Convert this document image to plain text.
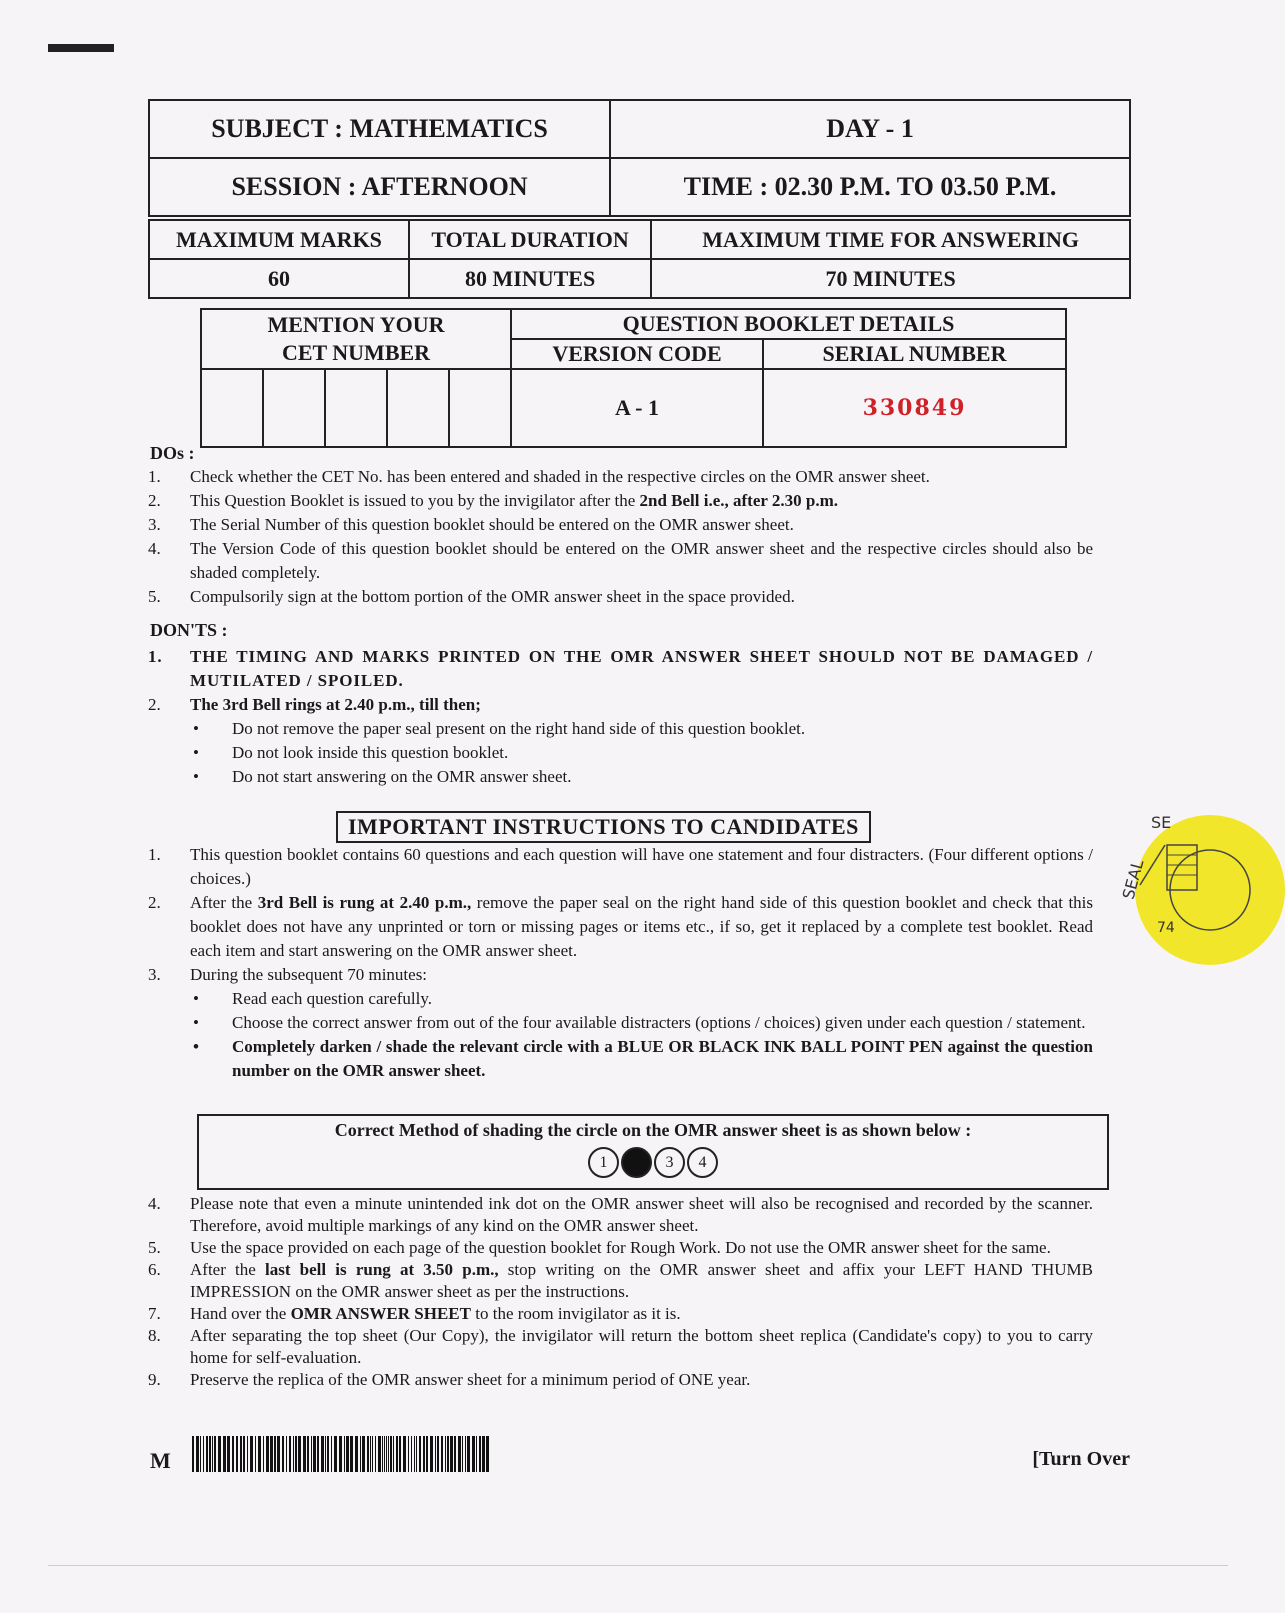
SUBJECT : MATHEMATICS	DAY - 1
SESSION : AFTERNOON	TIME : 02.30 P.M. TO 03.50 P.M.
MAXIMUM MARKS	TOTAL DURATION	MAXIMUM TIME FOR ANSWERING
60	80 MINUTES	70 MINUTES
MENTION YOUR
CET NUMBER					QUESTION BOOKLET DETAILS	
					VERSION CODE	SERIAL NUMBER
					A - 1	330849
DOs :
1. Check whether the CET No. has been entered and shaded in the respective circles on the OMR answer sheet.
2. This Question Booklet is issued to you by the invigilator after the 2nd Bell i.e., after 2.30 p.m.
3. The Serial Number of this question booklet should be entered on the OMR answer sheet.
4. The Version Code of this question booklet should be entered on the OMR answer sheet and the respective circles should also be shaded completely.
5. Compulsorily sign at the bottom portion of the OMR answer sheet in the space provided.
DON'TS :
1. THE TIMING AND MARKS PRINTED ON THE OMR ANSWER SHEET SHOULD NOT BE DAMAGED / MUTILATED / SPOILED.
2. The 3rd Bell rings at 2.40 p.m., till then;
• Do not remove the paper seal present on the right hand side of this question booklet.
• Do not look inside this question booklet.
• Do not start answering on the OMR answer sheet.
IMPORTANT INSTRUCTIONS TO CANDIDATES
1. This question booklet contains 60 questions and each question will have one statement and four distracters. (Four different options / choices.)
2. After the 3rd Bell is rung at 2.40 p.m., remove the paper seal on the right hand side of this question booklet and check that this booklet does not have any unprinted or torn or missing pages or items etc., if so, get it replaced by a complete test booklet. Read each item and start answering on the OMR answer sheet.
3. During the subsequent 70 minutes:
• Read each question carefully.
• Choose the correct answer from out of the four available distracters (options / choices) given under each question / statement.
• Completely darken / shade the relevant circle with a BLUE OR BLACK INK BALL POINT PEN against the question number on the OMR answer sheet.
Correct Method of shading the circle on the OMR answer sheet is as shown below :
1	3	4
4. Please note that even a minute unintended ink dot on the OMR answer sheet will also be recognised and recorded by the scanner. Therefore, avoid multiple markings of any kind on the OMR answer sheet.
5. Use the space provided on each page of the question booklet for Rough Work. Do not use the OMR answer sheet for the same.
6. After the last bell is rung at 3.50 p.m., stop writing on the OMR answer sheet and affix your LEFT HAND THUMB IMPRESSION on the OMR answer sheet as per the instructions.
7. Hand over the OMR ANSWER SHEET to the room invigilator as it is.
8. After separating the top sheet (Our Copy), the invigilator will return the bottom sheet replica (Candidate's copy) to you to carry home for self-evaluation.
9. Preserve the replica of the OMR answer sheet for a minimum period of ONE year.
M	[Turn Over
SE
SEAL
74
